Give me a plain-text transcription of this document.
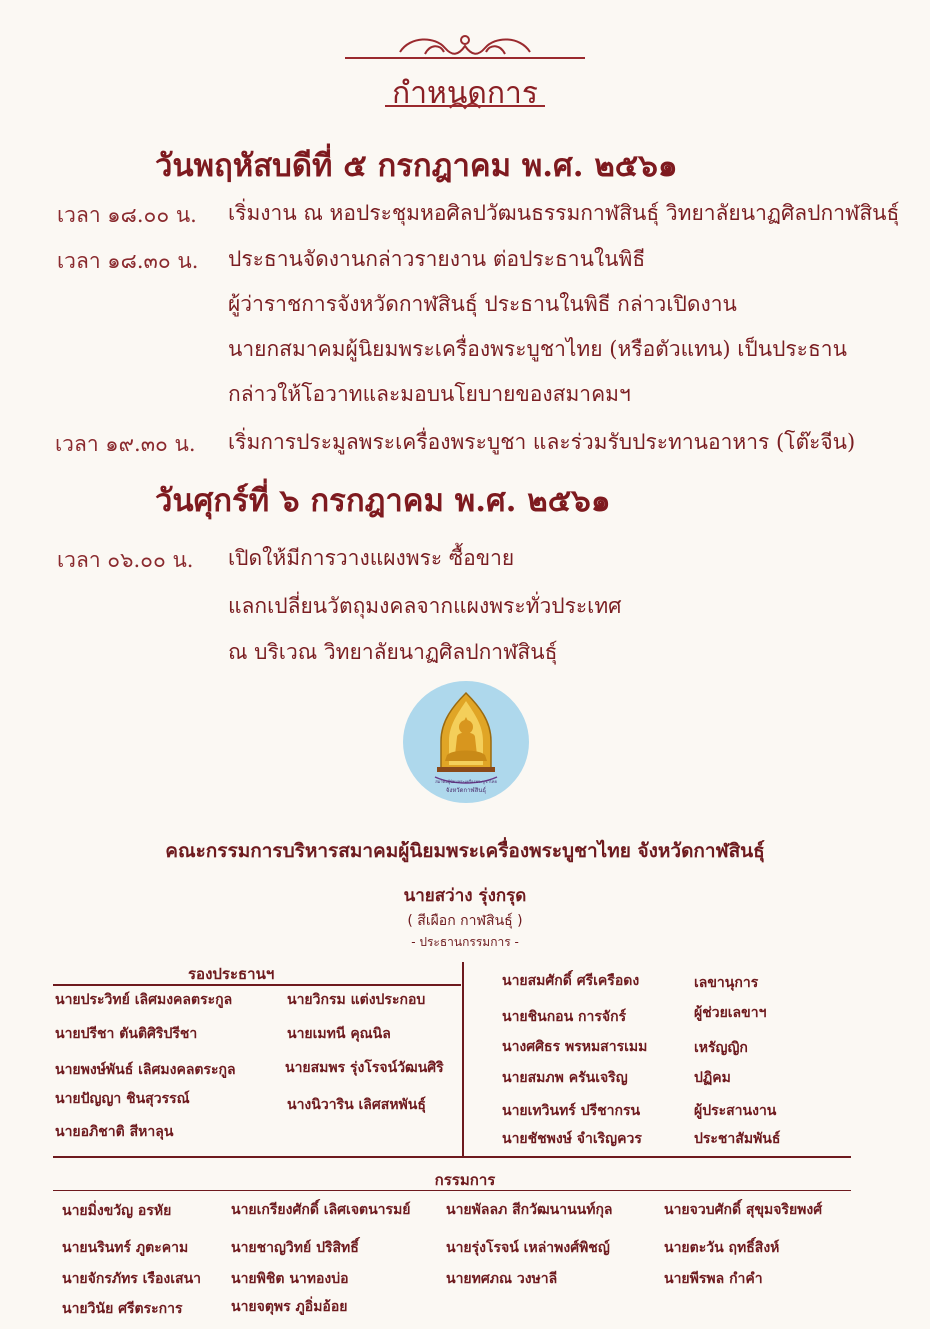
กำหนดการ
วันพฤหัสบดีที่ ๕ กรกฎาคม พ.ศ. ๒๕๖๑
เวลา ๑๘.๐๐ น. เริ่มงาน ณ หอประชุมหอศิลปวัฒนธรรมกาฬสินธุ์ วิทยาลัยนาฏศิลปกาฬสินธุ์
เวลา ๑๘.๓๐ น. ประธานจัดงานกล่าวรายงาน ต่อประธานในพิธี
ผู้ว่าราชการจังหวัดกาฬสินธุ์ ประธานในพิธี กล่าวเปิดงาน
นายกสมาคมผู้นิยมพระเครื่องพระบูชาไทย (หรือตัวแทน) เป็นประธาน
กล่าวให้โอวาทและมอบนโยบายของสมาคมฯ
เวลา ๑๙.๓๐ น. เริ่มการประมูลพระเครื่องพระบูชา และร่วมรับประทานอาหาร (โต๊ะจีน)
วันศุกร์ที่ ๖ กรกฎาคม พ.ศ. ๒๕๖๑
เวลา ๐๖.๐๐ น. เปิดให้มีการวางแผงพระ ซื้อขาย
แลกเปลี่ยนวัตถุมงคลจากแผงพระทั่วประเทศ
ณ บริเวณ วิทยาลัยนาฏศิลปกาฬสินธุ์
สมาคมผู้นิยมพระเครื่องพระบูชาไทย
จังหวัดกาฬสินธุ์
คณะกรรมการบริหารสมาคมผู้นิยมพระเครื่องพระบูชาไทย จังหวัดกาฬสินธุ์
นายสว่าง รุ่งกรุด
( สีเผือก กาฬสินธุ์ )
- ประธานกรรมการ -
รองประธานฯ
นายประวิทย์ เลิศมงคลตระกูล
นายปรีชา ตันติศิริปรีชา
นายพงษ์พันธ์ เลิศมงคลตระกูล
นายปัญญา ชินสุวรรณ์
นายอภิชาติ สีหาลุน
นายวิกรม แต่งประกอบ
นายเมทนี คุณนิล
นายสมพร รุ่งโรจน์วัฒนศิริ
นางนิวาริน เลิศสหพันธุ์
นายสมศักดิ์ ศรีเครือดง	เลขานุการ
นายชินกอน การจักร์	ผู้ช่วยเลขาฯ
นางศศิธร พรหมสารเมม	เหรัญญิก
นายสมภพ ครันเจริญ	ปฏิคม
นายเทวินทร์ ปรีชากรน	ผู้ประสานงาน
นายชัชพงษ์ จำเริญควร	ประชาสัมพันธ์
กรรมการ
นายมิ่งขวัญ อรหัย
นายนรินทร์ ภูตะคาม
นายจักรภัทร เรืองเสนา
นายวินัย ศรีตระการ
นายเกรียงศักดิ์ เลิศเจตนารมย์
นายชาญวิทย์ ปริสิทธิ์
นายพิชิต นาทองบ่อ
นายจตุพร ภูอิ่มอ้อย
นายพัลลภ สีกวัฒนานนท์กุล
นายรุ่งโรจน์ เหล่าพงศ์พิชญ์
นายทศภณ วงษาลี
นายจวบศักดิ์ สุขุมจริยพงศ์
นายตะวัน ฤทธิ์สิงห์
นายพีรพล กำคำ
